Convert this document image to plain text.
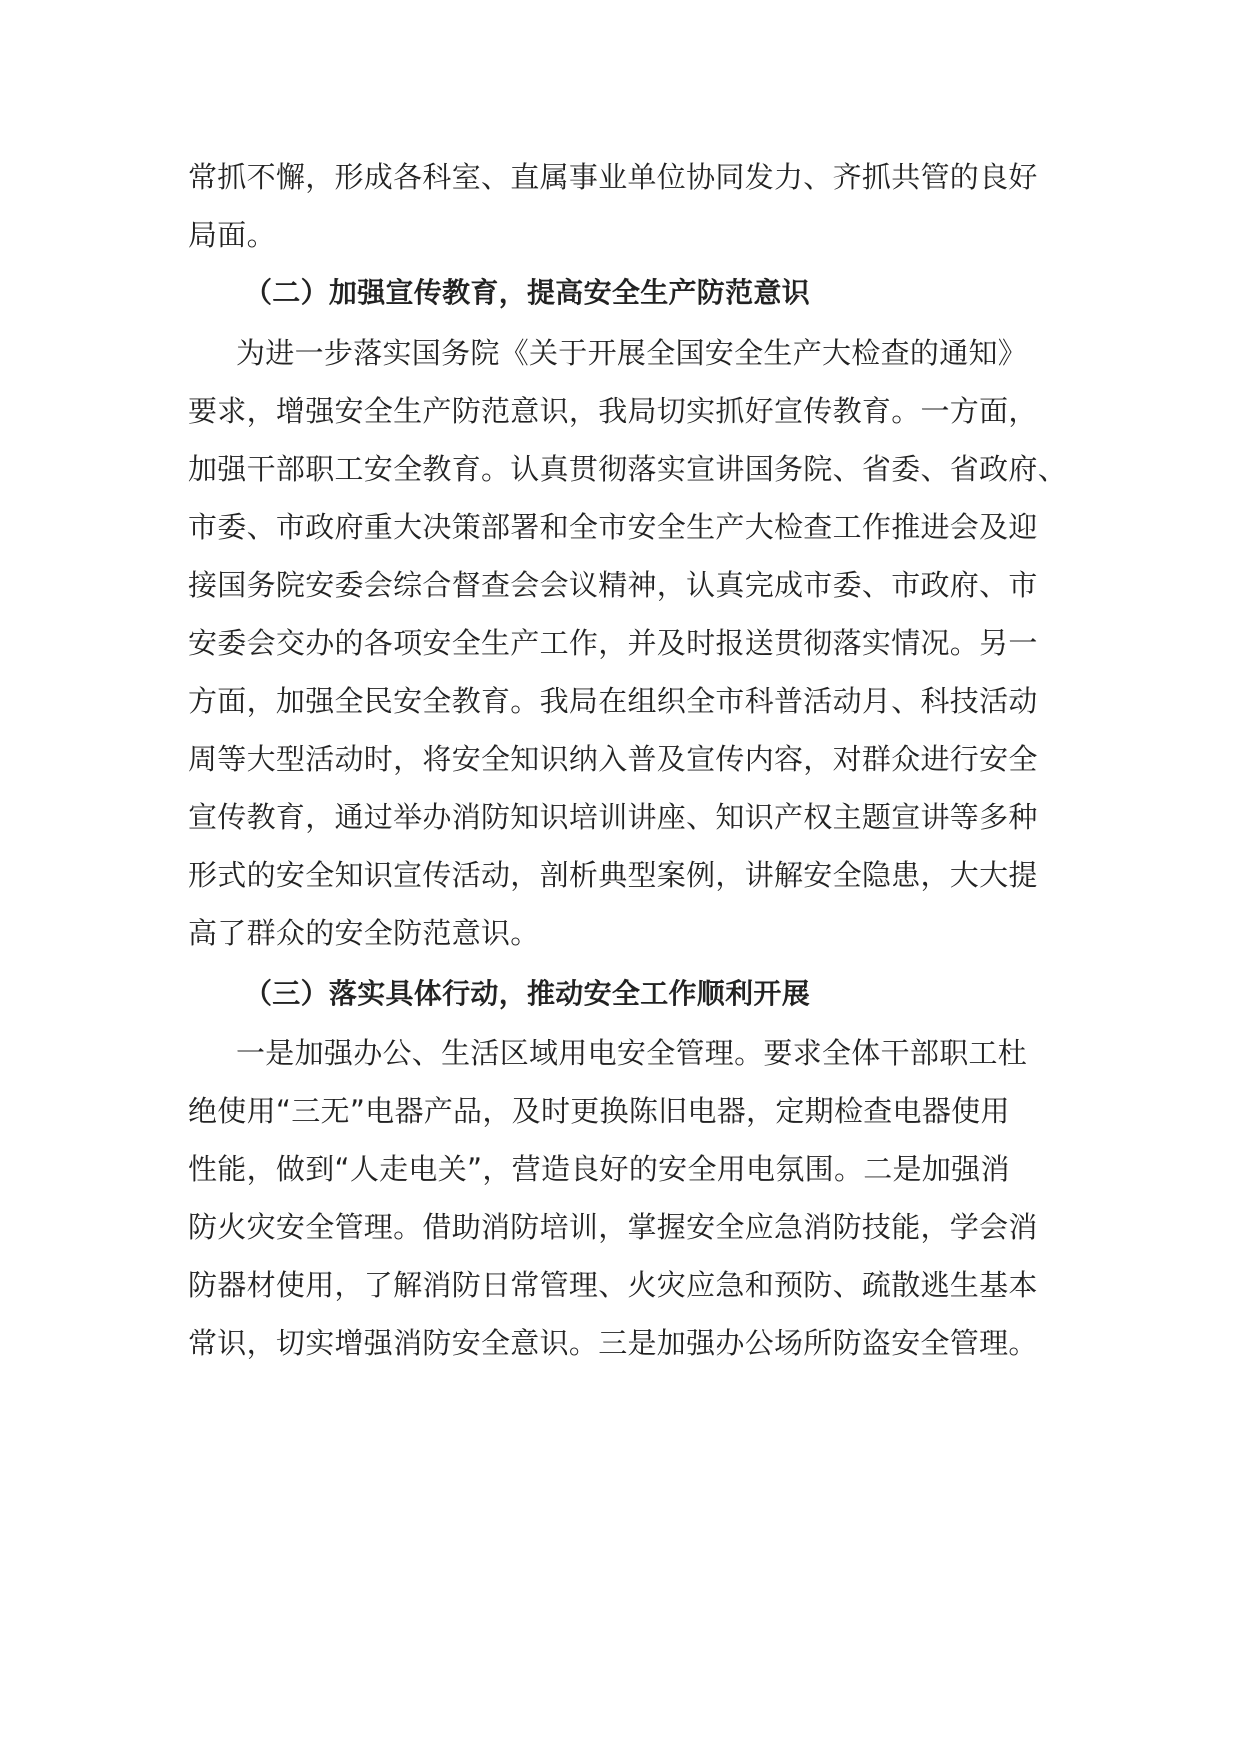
常抓不懈，形成各科室、直属事业单位协同发力、齐抓共管的良好
局面。
（二）加强宣传教育，提高安全生产防范意识
为进一步落实国务院《关于开展全国安全生产大检查的通知》
要求，增强安全生产防范意识，我局切实抓好宣传教育。一方面，
加强干部职工安全教育。认真贯彻落实宣讲国务院、省委、省政府、
市委、市政府重大决策部署和全市安全生产大检查工作推进会及迎
接国务院安委会综合督查会会议精神，认真完成市委、市政府、市
安委会交办的各项安全生产工作，并及时报送贯彻落实情况。另一
方面，加强全民安全教育。我局在组织全市科普活动月、科技活动
周等大型活动时，将安全知识纳入普及宣传内容，对群众进行安全
宣传教育，通过举办消防知识培训讲座、知识产权主题宣讲等多种
形式的安全知识宣传活动，剖析典型案例，讲解安全隐患，大大提
高了群众的安全防范意识。
（三）落实具体行动，推动安全工作顺利开展
一是加强办公、生活区域用电安全管理。要求全体干部职工杜
绝使用“三无”电器产品，及时更换陈旧电器，定期检查电器使用
性能，做到“人走电关”，营造良好的安全用电氛围。二是加强消
防火灾安全管理。借助消防培训，掌握安全应急消防技能，学会消
防器材使用，了解消防日常管理、火灾应急和预防、疏散逃生基本
常识，切实增强消防安全意识。三是加强办公场所防盗安全管理。
